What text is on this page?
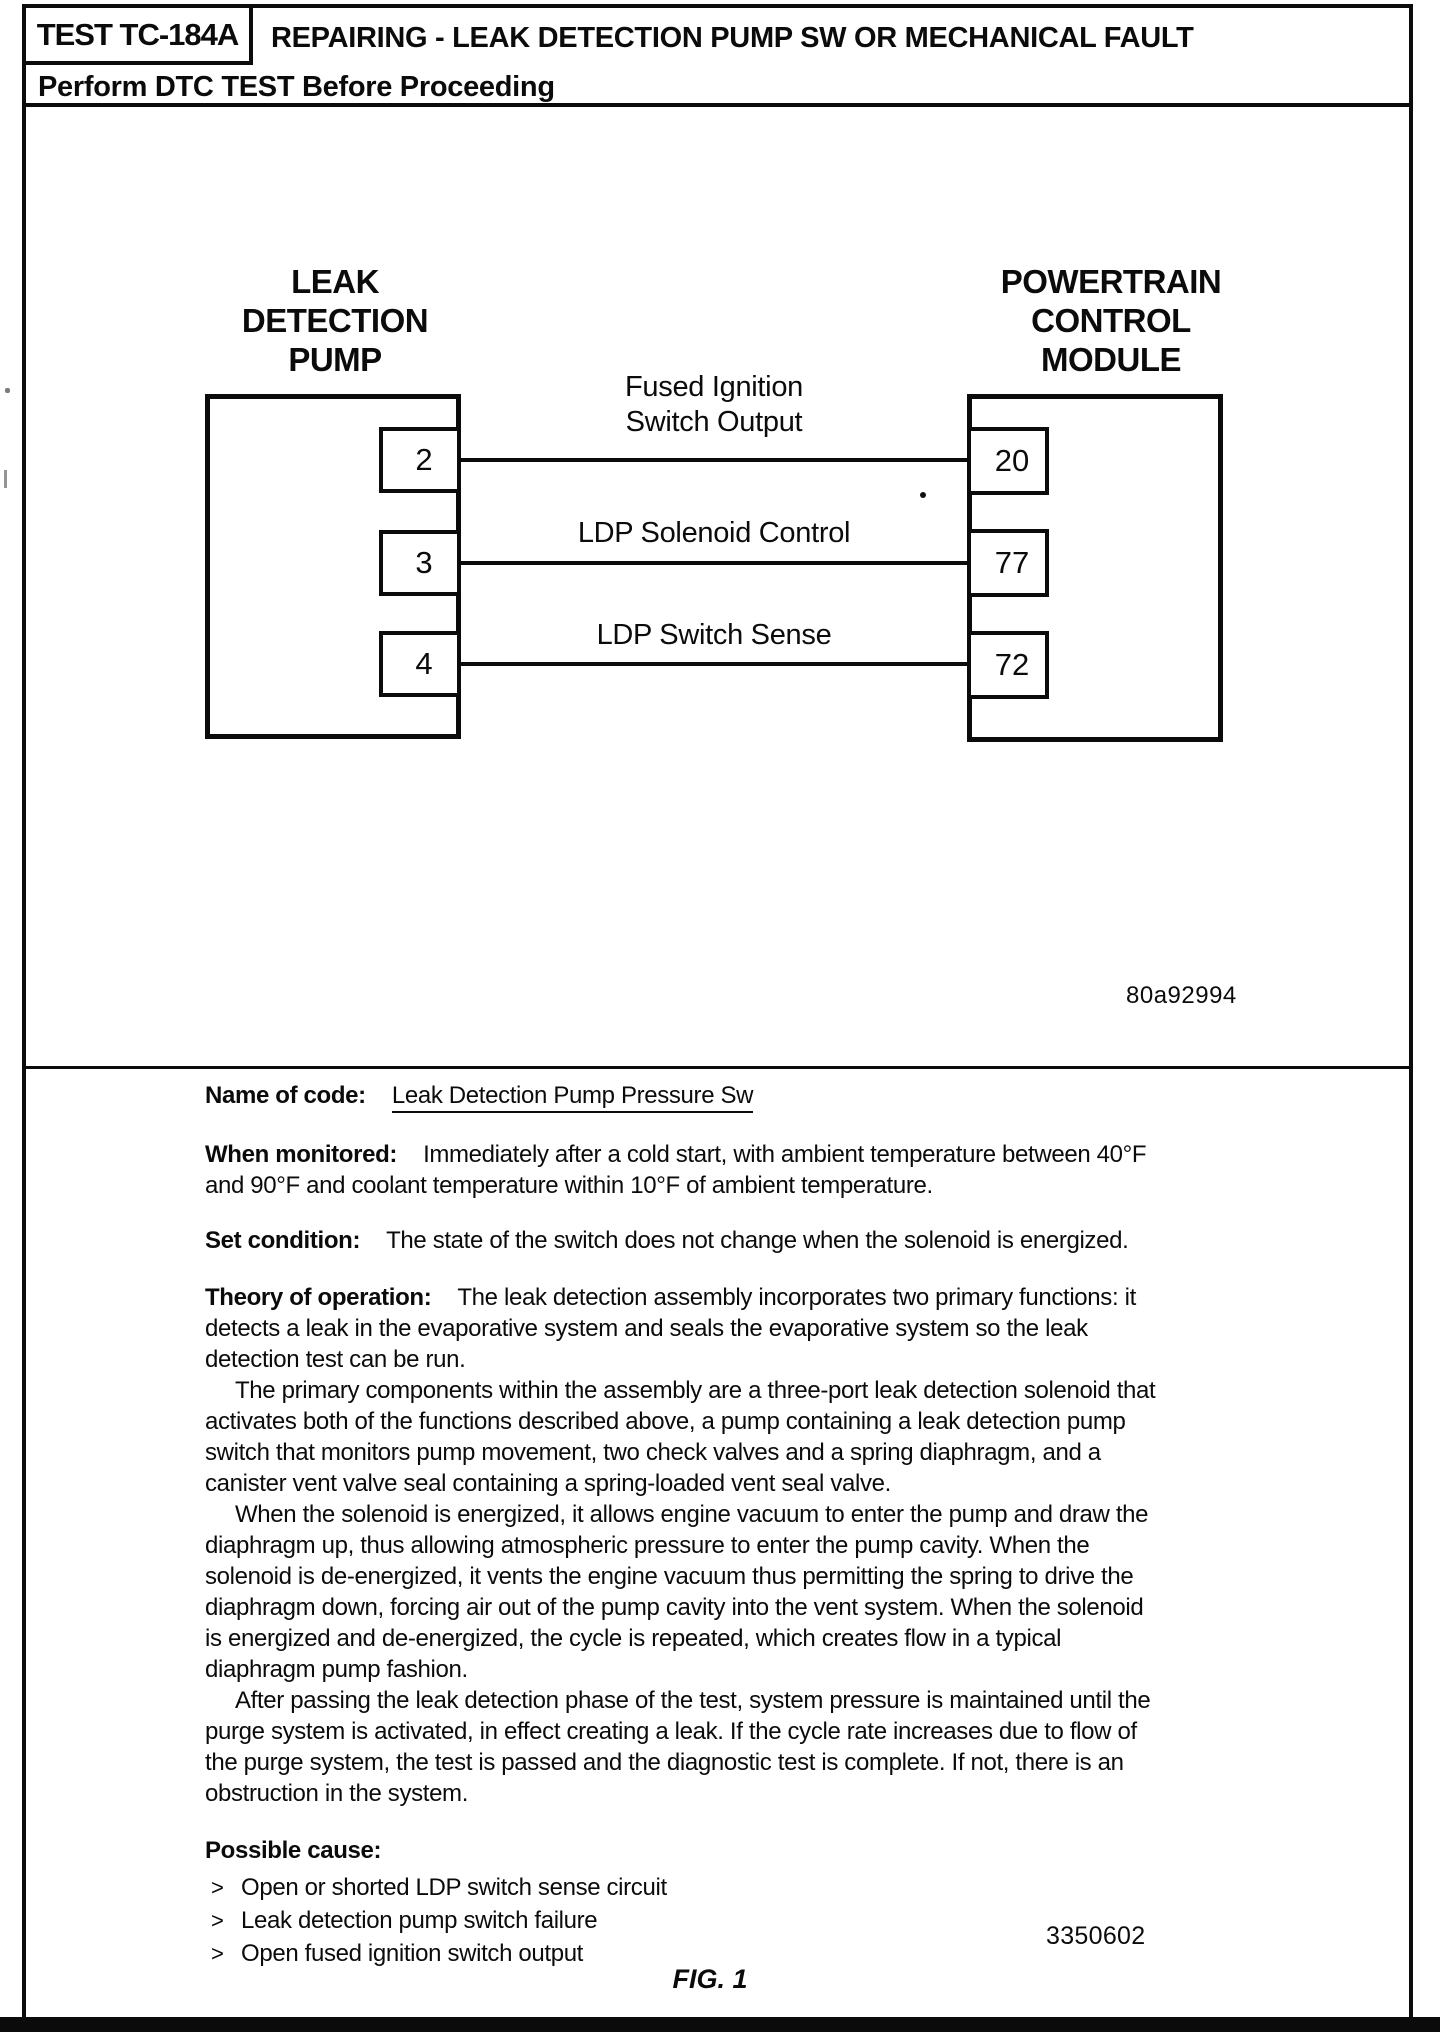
TEST TC-184A REPAIRING - LEAK DETECTION PUMP SW OR MECHANICAL FAULT
Perform DTC TEST Before Proceeding
LEAK
DETECTION
PUMP
POWERTRAIN
CONTROL
MODULE
Fused Ignition
Switch Output
LDP Solenoid Control
LDP Switch Sense
2
3
4
20
77
72
80a92994

Name of code: Leak Detection Pump Pressure Sw

When monitored: Immediately after a cold start, with ambient temperature between 40°F
and 90°F and coolant temperature within 10°F of ambient temperature.

Set condition: The state of the switch does not change when the solenoid is energized.

Theory of operation: The leak detection assembly incorporates two primary functions: it
detects a leak in the evaporative system and seals the evaporative system so the leak
detection test can be run.

The primary components within the assembly are a three-port leak detection solenoid that
activates both of the functions described above, a pump containing a leak detection pump
switch that monitors pump movement, two check valves and a spring diaphragm, and a
canister vent valve seal containing a spring-loaded vent seal valve.

When the solenoid is energized, it allows engine vacuum to enter the pump and draw the
diaphragm up, thus allowing atmospheric pressure to enter the pump cavity. When the
solenoid is de-energized, it vents the engine vacuum thus permitting the spring to drive the
diaphragm down, forcing air out of the pump cavity into the vent system. When the solenoid
is energized and de-energized, the cycle is repeated, which creates flow in a typical
diaphragm pump fashion.

After passing the leak detection phase of the test, system pressure is maintained until the
purge system is activated, in effect creating a leak. If the cycle rate increases due to flow of
the purge system, the test is passed and the diagnostic test is complete. If not, there is an
obstruction in the system.

Possible cause:

> Open or shorted LDP switch sense circuit
> Leak detection pump switch failure
> Open fused ignition switch output
3350602
FIG. 1
